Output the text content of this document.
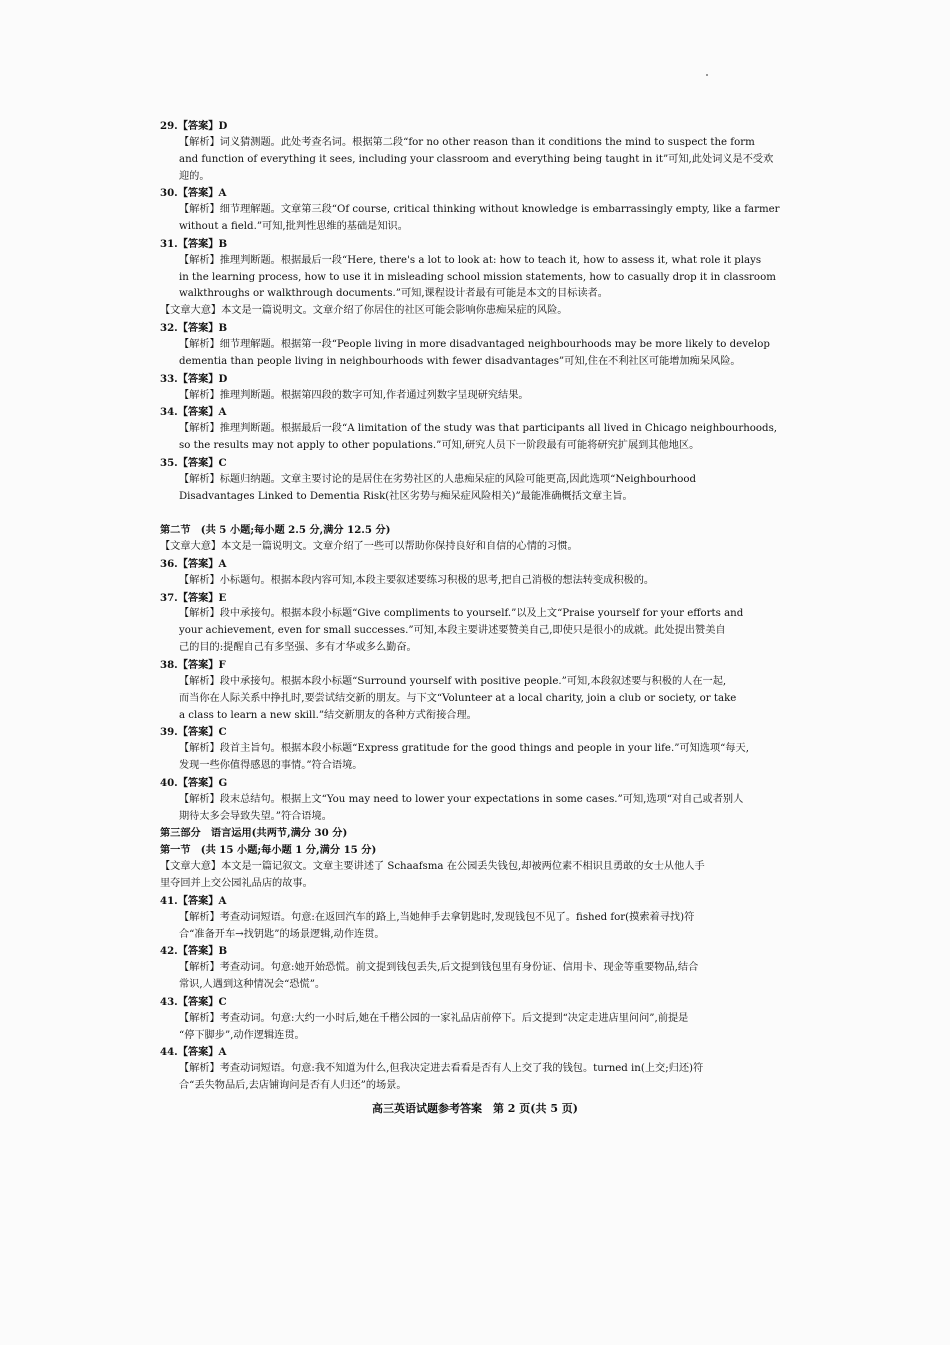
29.【答案】D
【解析】词义猜测题。此处考查名词。根据第二段“for no other reason than it conditions the mind to suspect the form
and function of everything it sees, including your classroom and everything being taught in it”可知,此处词义是不受欢
迎的。
30.【答案】A
【解析】细节理解题。文章第三段“Of course, critical thinking without knowledge is embarrassingly empty, like a farmer
without a field.”可知,批判性思维的基础是知识。
31.【答案】B
【解析】推理判断题。根据最后一段“Here, there's a lot to look at: how to teach it, how to assess it, what role it plays
in the learning process, how to use it in misleading school mission statements, how to casually drop it in classroom
walkthroughs or walkthrough documents.”可知,课程设计者最有可能是本文的目标读者。
【文章大意】本文是一篇说明文。文章介绍了你居住的社区可能会影响你患痴呆症的风险。
32.【答案】B
【解析】细节理解题。根据第一段“People living in more disadvantaged neighbourhoods may be more likely to develop
dementia than people living in neighbourhoods with fewer disadvantages”可知,住在不利社区可能增加痴呆风险。
33.【答案】D
【解析】推理判断题。根据第四段的数字可知,作者通过列数字呈现研究结果。
34.【答案】A
【解析】推理判断题。根据最后一段“A limitation of the study was that participants all lived in Chicago neighbourhoods,
so the results may not apply to other populations.”可知,研究人员下一阶段最有可能将研究扩展到其他地区。
35.【答案】C
【解析】标题归纳题。文章主要讨论的是居住在劣势社区的人患痴呆症的风险可能更高,因此选项“Neighbourhood
Disadvantages Linked to Dementia Risk(社区劣势与痴呆症风险相关)”最能准确概括文章主旨。
第二节　(共 5 小题;每小题 2.5 分,满分 12.5 分)
【文章大意】本文是一篇说明文。文章介绍了一些可以帮助你保持良好和自信的心情的习惯。
36.【答案】A
【解析】小标题句。根据本段内容可知,本段主要叙述要练习积极的思考,把自己消极的想法转变成积极的。
37.【答案】E
【解析】段中承接句。根据本段小标题“Give compliments to yourself.”以及上文“Praise yourself for your efforts and
your achievement, even for small successes.”可知,本段主要讲述要赞美自己,即使只是很小的成就。此处提出赞美自
己的目的:提醒自己有多坚强、多有才华或多么勤奋。
38.【答案】F
【解析】段中承接句。根据本段小标题“Surround yourself with positive people.”可知,本段叙述要与积极的人在一起,
而当你在人际关系中挣扎时,要尝试结交新的朋友。与下文“Volunteer at a local charity, join a club or society, or take
a class to learn a new skill.”结交新朋友的各种方式衔接合理。
39.【答案】C
【解析】段首主旨句。根据本段小标题“Express gratitude for the good things and people in your life.”可知选项“每天,
发现一些你值得感恩的事情。”符合语境。
40.【答案】G
【解析】段末总结句。根据上文“You may need to lower your expectations in some cases.”可知,选项“对自己或者别人
期待太多会导致失望。”符合语境。
第三部分　语言运用(共两节,满分 30 分)
第一节　(共 15 小题;每小题 1 分,满分 15 分)
【文章大意】本文是一篇记叙文。文章主要讲述了 Schaafsma 在公园丢失钱包,却被两位素不相识且勇敢的女士从他人手
里夺回并上交公园礼品店的故事。
41.【答案】A
【解析】考查动词短语。句意:在返回汽车的路上,当她伸手去拿钥匙时,发现钱包不见了。fished for(摸索着寻找)符
合“准备开车→找钥匙”的场景逻辑,动作连贯。
42.【答案】B
【解析】考查动词。句意:她开始恐慌。前文提到钱包丢失,后文提到钱包里有身份证、信用卡、现金等重要物品,结合
常识,人遇到这种情况会“恐慌”。
43.【答案】C
【解析】考查动词。句意:大约一小时后,她在千楷公园的一家礼品店前停下。后文提到“决定走进店里问问”,前提是
“停下脚步”,动作逻辑连贯。
44.【答案】A
【解析】考查动词短语。句意:我不知道为什么,但我决定进去看看是否有人上交了我的钱包。turned in(上交;归还)符
合“丢失物品后,去店铺询问是否有人归还”的场景。
高三英语试题参考答案　第 2 页(共 5 页)
